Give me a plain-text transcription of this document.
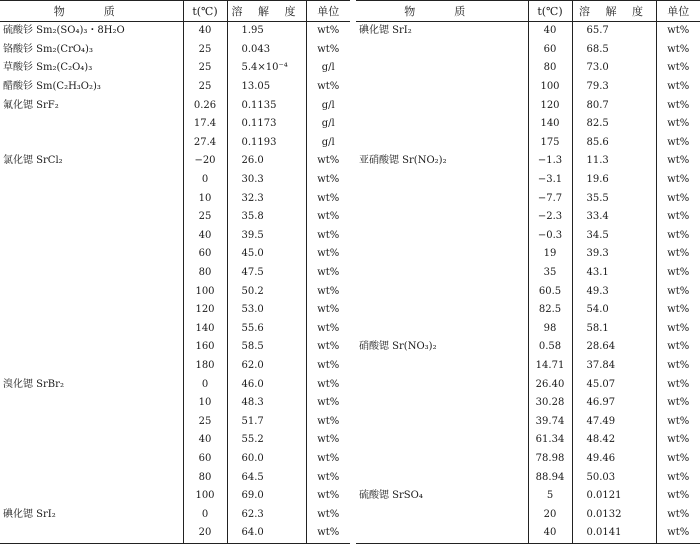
物　质	t(℃)	溶 解 度	单位
硫酸钐 Sm₂(SO₄)₃・8H₂O	40	1.95	wt%
铬酸钐 Sm₂(CrO₄)₃	25	0.043	wt%
草酸钐 Sm₂(C₂O₄)₃	25	5.4×10⁻⁴	g/l
醋酸钐 Sm(C₂H₃O₂)₃	25	13.05	wt%
氟化锶 SrF₂	0.26	0.1135	g/l
	17.4	0.1173	g/l
	27.4	0.1193	g/l
氯化锶 SrCl₂	−20	26.0	wt%
	0	30.3	wt%
	10	32.3	wt%
	25	35.8	wt%
	40	39.5	wt%
	60	45.0	wt%
	80	47.5	wt%
	100	50.2	wt%
	120	53.0	wt%
	140	55.6	wt%
	160	58.5	wt%
	180	62.0	wt%
溴化锶 SrBr₂	0	46.0	wt%
	10	48.3	wt%
	25	51.7	wt%
	40	55.2	wt%
	60	60.0	wt%
	80	64.5	wt%
	100	69.0	wt%
碘化锶 SrI₂	0	62.3	wt%
	20	64.0	wt%
物　质	t(℃)	溶 解 度	单位
碘化锶 SrI₂	40	65.7	wt%
	60	68.5	wt%
	80	73.0	wt%
	100	79.3	wt%
	120	80.7	wt%
	140	82.5	wt%
	175	85.6	wt%
亚硝酸锶 Sr(NO₂)₂	−1.3	11.3	wt%
	−3.1	19.6	wt%
	−7.7	35.5	wt%
	−2.3	33.4	wt%
	−0.3	34.5	wt%
	19	39.3	wt%
	35	43.1	wt%
	60.5	49.3	wt%
	82.5	54.0	wt%
	98	58.1	wt%
硝酸锶 Sr(NO₃)₂	0.58	28.64	wt%
	14.71	37.84	wt%
	26.40	45.07	wt%
	30.28	46.97	wt%
	39.74	47.49	wt%
	61.34	48.42	wt%
	78.98	49.46	wt%
	88.94	50.03	wt%
硫酸锶 SrSO₄	5	0.0121	wt%
	20	0.0132	wt%
	40	0.0141	wt%
